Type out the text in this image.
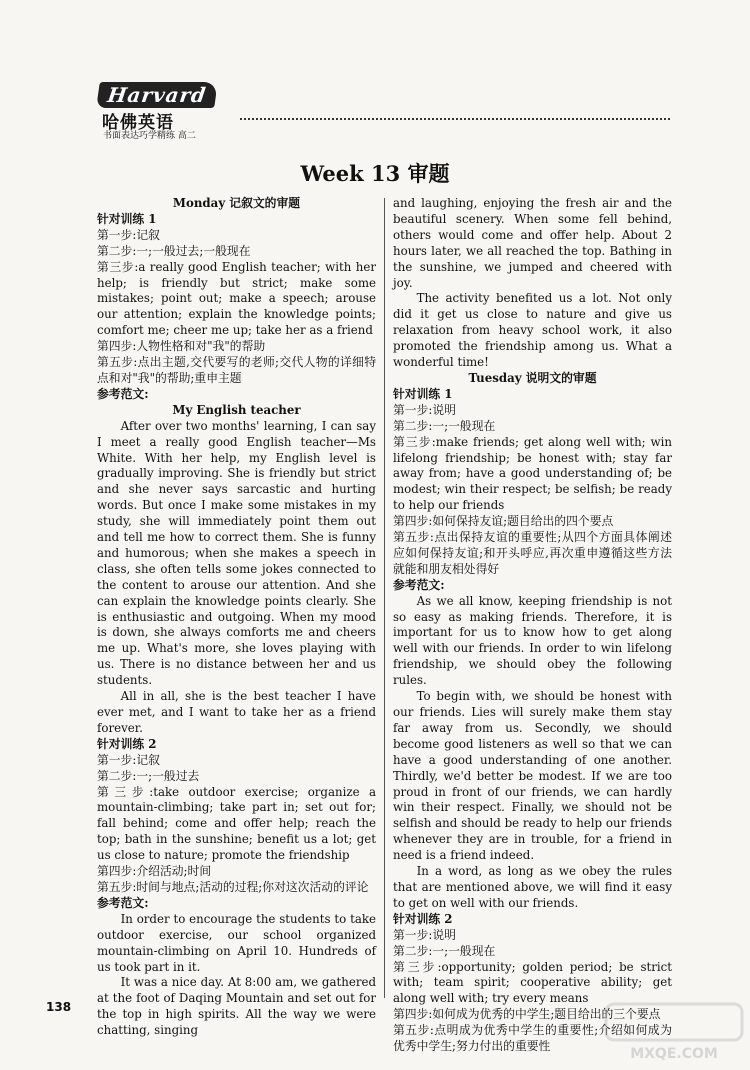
Harvard
哈佛英语
书面表达巧学精练 高二
Week 13 审题

Monday 记叙文的审题

针对训练 1

第一步:记叙

第二步:一;一般过去;一般现在

第三步:a really good English teacher; with her help; is friendly but strict; make some mistakes; point out; make a speech; arouse our attention; explain the knowledge points; comfort me; cheer me up; take her as a friend

第四步:人物性格和对"我"的帮助

第五步:点出主题,交代要写的老师;交代人物的详细特点和对"我"的帮助;重申主题

参考范文:

My English teacher

After over two months' learning, I can say I meet a really good English teacher—Ms White. With her help, my English level is gradually improving. She is friendly but strict and she never says sarcastic and hurting words. But once I make some mistakes in my study, she will immediately point them out and tell me how to correct them. She is funny and humorous; when she makes a speech in class, she often tells some jokes connected to the content to arouse our attention. And she can explain the knowledge points clearly. She is enthusiastic and outgoing. When my mood is down, she always comforts me and cheers me up. What's more, she loves playing with us. There is no distance between her and us students.

All in all, she is the best teacher I have ever met, and I want to take her as a friend forever.

针对训练 2

第一步:记叙

第二步:一;一般过去

第三步:take outdoor exercise; organize a mountain-climbing; take part in; set out for; fall behind; come and offer help; reach the top; bath in the sunshine; benefit us a lot; get us close to nature; promote the friendship

第四步:介绍活动;时间

第五步:时间与地点;活动的过程;你对这次活动的评论

参考范文:

In order to encourage the students to take outdoor exercise, our school organized mountain-climbing on April 10. Hundreds of us took part in it.

It was a nice day. At 8:00 am, we gathered at the foot of Daqing Mountain and set out for the top in high spirits. All the way we were chatting, singing

and laughing, enjoying the fresh air and the beautiful scenery. When some fell behind, others would come and offer help. About 2 hours later, we all reached the top. Bathing in the sunshine, we jumped and cheered with joy.

The activity benefited us a lot. Not only did it get us close to nature and give us relaxation from heavy school work, it also promoted the friendship among us. What a wonderful time!

Tuesday 说明文的审题

针对训练 1

第一步:说明

第二步:一;一般现在

第三步:make friends; get along well with; win lifelong friendship; be honest with; stay far away from; have a good understanding of; be modest; win their respect; be selfish; be ready to help our friends

第四步:如何保持友谊;题目给出的四个要点

第五步:点出保持友谊的重要性;从四个方面具体阐述应如何保持友谊;和开头呼应,再次重申遵循这些方法就能和朋友相处得好

参考范文:

As we all know, keeping friendship is not so easy as making friends. Therefore, it is important for us to know how to get along well with our friends. In order to win lifelong friendship, we should obey the following rules.

To begin with, we should be honest with our friends. Lies will surely make them stay far away from us. Secondly, we should become good listeners as well so that we can have a good understanding of one another. Thirdly, we'd better be modest. If we are too proud in front of our friends, we can hardly win their respect. Finally, we should not be selfish and should be ready to help our friends whenever they are in trouble, for a friend in need is a friend indeed.

In a word, as long as we obey the rules that are mentioned above, we will find it easy to get on well with our friends.

针对训练 2

第一步:说明

第二步:一;一般现在

第三步:opportunity; golden period; be strict with; team spirit; cooperative ability; get along well with; try every means

第四步:如何成为优秀的中学生;题目给出的三个要点

第五步:点明成为优秀中学生的重要性;介绍如何成为优秀中学生;努力付出的重要性

138
MXQE.COM
